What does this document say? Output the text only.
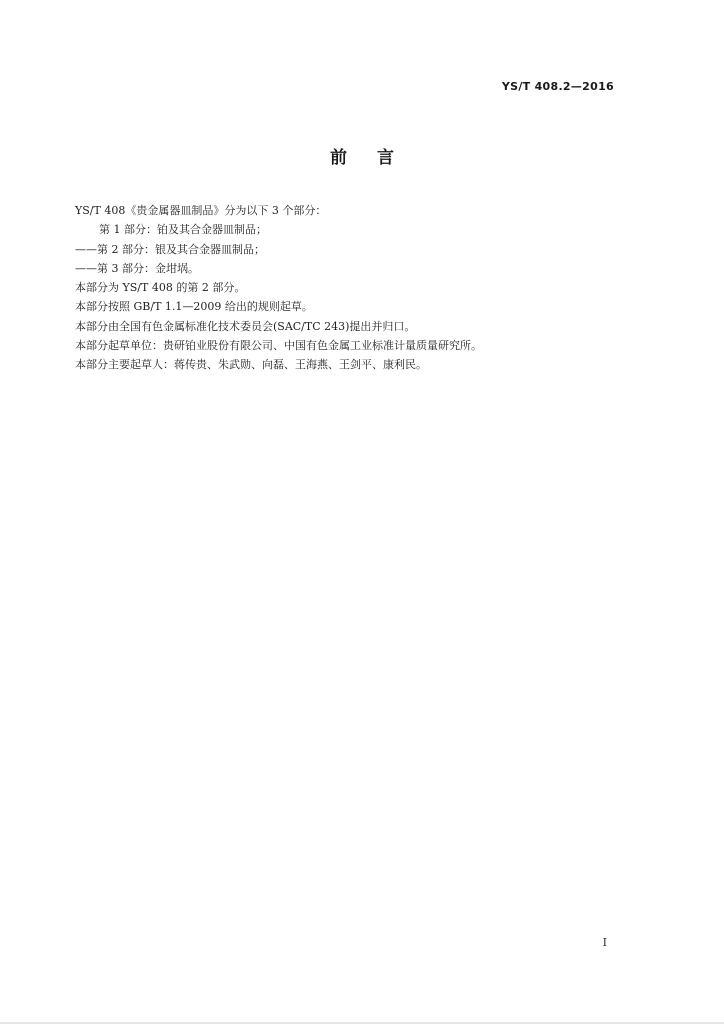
YS/T 408.2—2016
前言
YS/T 408《贵金属器皿制品》分为以下 3 个部分：
第 1 部分：铂及其合金器皿制品；
——第 2 部分：银及其合金器皿制品；
——第 3 部分：金坩埚。
本部分为 YS/T 408 的第 2 部分。
本部分按照 GB/T 1.1—2009 给出的规则起草。
本部分由全国有色金属标准化技术委员会(SAC/TC 243)提出并归口。
本部分起草单位：贵研铂业股份有限公司、中国有色金属工业标准计量质量研究所。
本部分主要起草人：蒋传贵、朱武勋、向磊、王海燕、王剑平、康利民。
I
